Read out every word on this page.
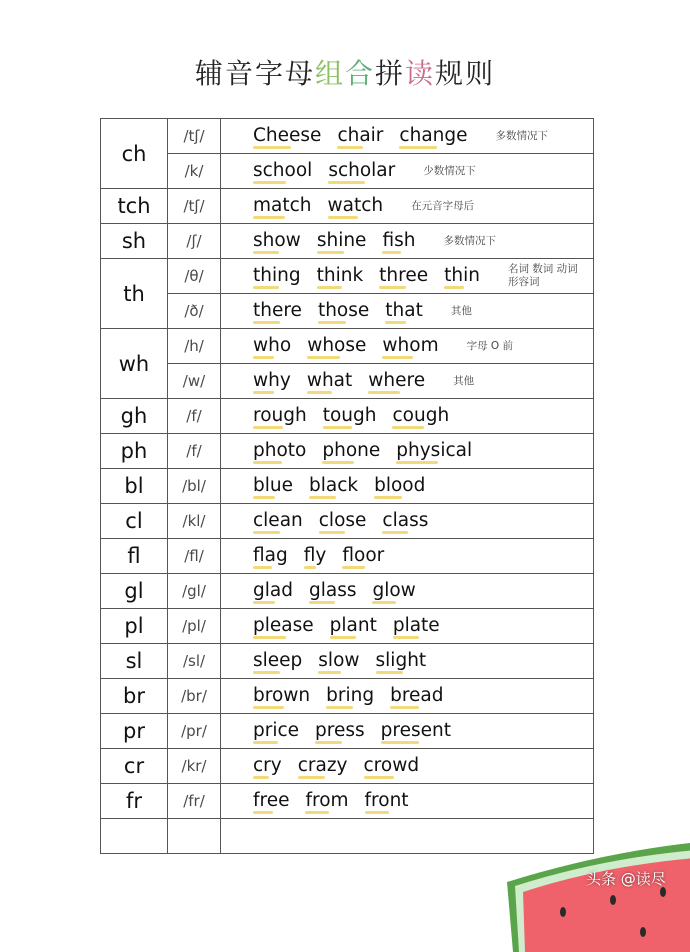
辅音字母组合拼读规则
ch	/tʃ/	Cheese chair change 多数情况下
	/k/	school scholar 少数情况下
tch	/tʃ/	match watch 在元音字母后
sh	/ʃ/	show shine fish 多数情况下
th	/θ/	thing think three thin 名词 数词 动词 形容词
	/ð/	there those that 其他
wh	/h/	who whose whom 字母 O 前
	/w/	why what where 其他
gh	/f/	rough tough cough
ph	/f/	photo phone physical
bl	/bl/	blue black blood
cl	/kl/	clean close class
fl	/fl/	flag fly floor
gl	/gl/	glad glass glow
pl	/pl/	please plant plate
sl	/sl/	sleep slow slight
br	/br/	brown bring bread
pr	/pr/	price press present
cr	/kr/	cry crazy crowd
fr	/fr/	free from front

头条 @读尽
